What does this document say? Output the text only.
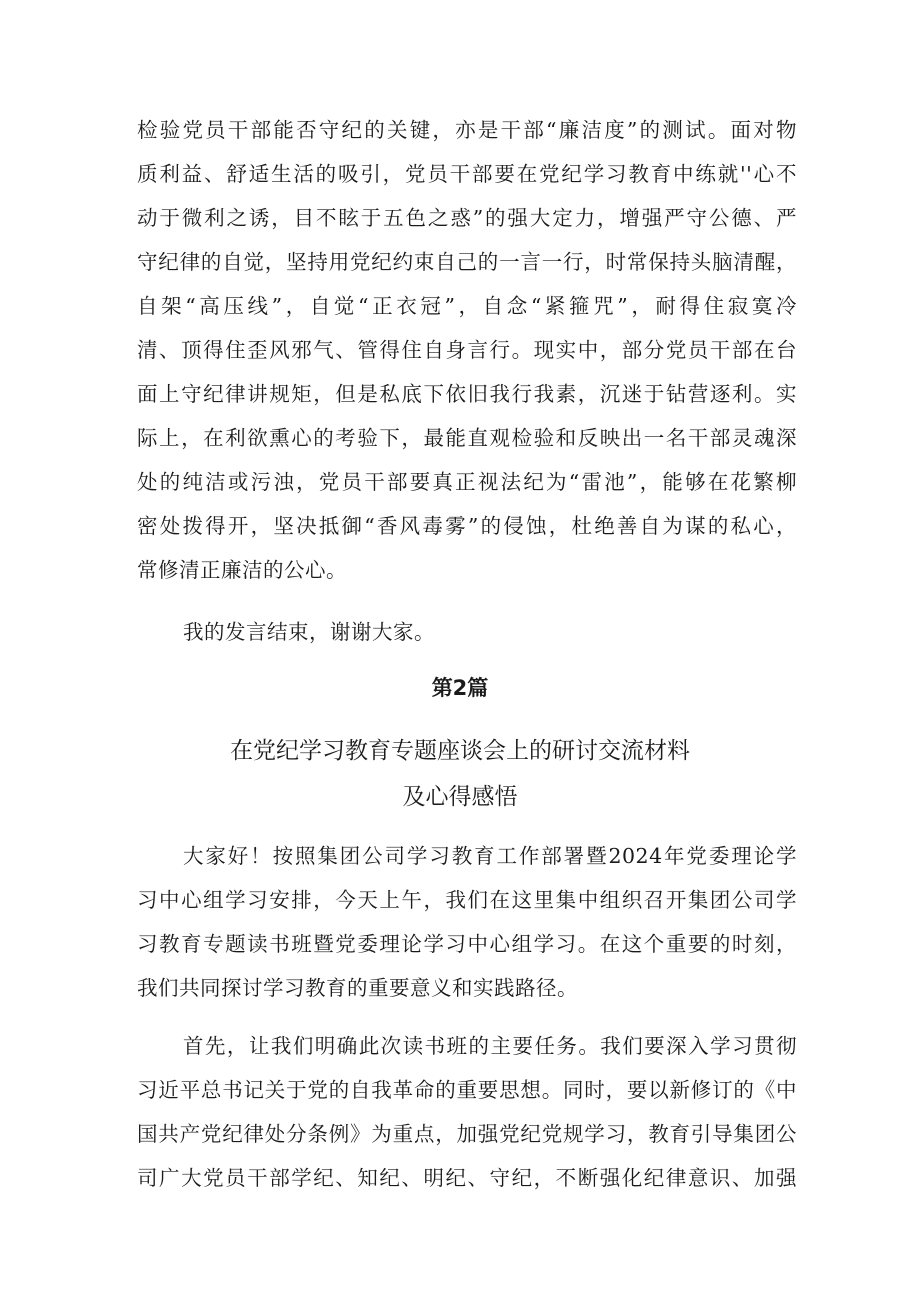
检验党员干部能否守纪的关键，亦是干部“廉洁度”的测试。面对物
质利益、舒适生活的吸引，党员干部要在党纪学习教育中练就''心不
动于微利之诱，目不眩于五色之惑”的强大定力，增强严守公德、严
守纪律的自觉，坚持用党纪约束自己的一言一行，时常保持头脑清醒，
自架“高压线”，自觉“正衣冠”，自念“紧箍咒”，耐得住寂寞冷
清、顶得住歪风邪气、管得住自身言行。现实中，部分党员干部在台
面上守纪律讲规矩，但是私底下依旧我行我素，沉迷于钻营逐利。实
际上，在利欲熏心的考验下，最能直观检验和反映出一名干部灵魂深
处的纯洁或污浊，党员干部要真正视法纪为“雷池”，能够在花繁柳
密处拨得开，坚决抵御“香风毒雾”的侵蚀，杜绝善自为谋的私心，
常修清正廉洁的公心。
我的发言结束，谢谢大家。
第2篇
在党纪学习教育专题座谈会上的研讨交流材料
及心得感悟
大家好！按照集团公司学习教育工作部署暨2024年党委理论学
习中心组学习安排，今天上午，我们在这里集中组织召开集团公司学
习教育专题读书班暨党委理论学习中心组学习。在这个重要的时刻，
我们共同探讨学习教育的重要意义和实践路径。
首先，让我们明确此次读书班的主要任务。我们要深入学习贯彻
习近平总书记关于党的自我革命的重要思想。同时，要以新修订的《中
国共产党纪律处分条例》为重点，加强党纪党规学习，教育引导集团公
司广大党员干部学纪、知纪、明纪、守纪，不断强化纪律意识、加强
